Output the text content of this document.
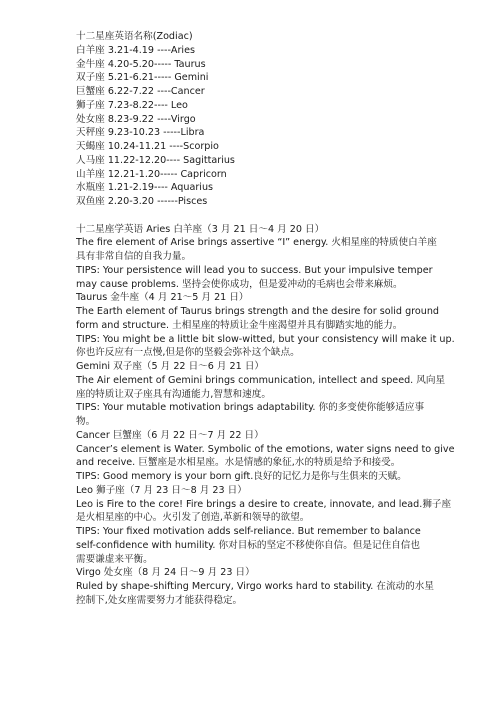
十二星座英语名称(Zodiac)
白羊座 3.21-4.19 ----Aries
金牛座 4.20-5.20----- Taurus
双子座 5.21-6.21----- Gemini
巨蟹座 6.22-7.22 ----Cancer
狮子座 7.23-8.22---- Leo
处女座 8.23-9.22 ----Virgo
天秤座 9.23-10.23 -----Libra
天蝎座 10.24-11.21 ----Scorpio
人马座 11.22-12.20---- Sagittarius
山羊座 12.21-1.20----- Capricorn
水瓶座 1.21-2.19---- Aquarius
双鱼座 2.20-3.20 ------Pisces
十二星座学英语 Aries 白羊座（3 月 21 日～4 月 20 日）
The fire element of Arise brings assertive “I” energy. 火相星座的特质使白羊座
具有非常自信的自我力量。
TIPS: Your persistence will lead you to success. But your impulsive temper
may cause problems. 坚持会使你成功，但是爱冲动的毛病也会带来麻烦。
Taurus 金牛座（4 月 21～5 月 21 日）
The Earth element of Taurus brings strength and the desire for solid ground
form and structure. 土相星座的特质让金牛座渴望并具有脚踏实地的能力。
TIPS: You might be a little bit slow-witted, but your consistency will make it up.
你也许反应有一点慢,但是你的坚毅会弥补这个缺点。
Gemini 双子座（5 月 22 日～6 月 21 日）
The Air element of Gemini brings communication, intellect and speed. 风向星
座的特质让双子座具有沟通能力,智慧和速度。
TIPS: Your mutable motivation brings adaptability. 你的多变使你能够适应事
物。
Cancer 巨蟹座（6 月 22 日～7 月 22 日）
Cancer’s element is Water. Symbolic of the emotions, water signs need to give
and receive. 巨蟹座是水相星座。水是情感的象征,水的特质是给予和接受。
TIPS: Good memory is your born gift.良好的记忆力是你与生俱来的天赋。
Leo 狮子座（7 月 23 日～8 月 23 日）
Leo is Fire to the core! Fire brings a desire to create, innovate, and lead.狮子座
是火相星座的中心。火引发了创造,革新和领导的欲望。
TIPS: Your fixed motivation adds self-reliance. But remember to balance
self-confidence with humility. 你对目标的坚定不移使你自信。但是记住自信也
需要谦虚来平衡。
Virgo 处女座（8 月 24 日～9 月 23 日）
Ruled by shape-shifting Mercury, Virgo works hard to stability. 在流动的水星
控制下,处女座需要努力才能获得稳定。
